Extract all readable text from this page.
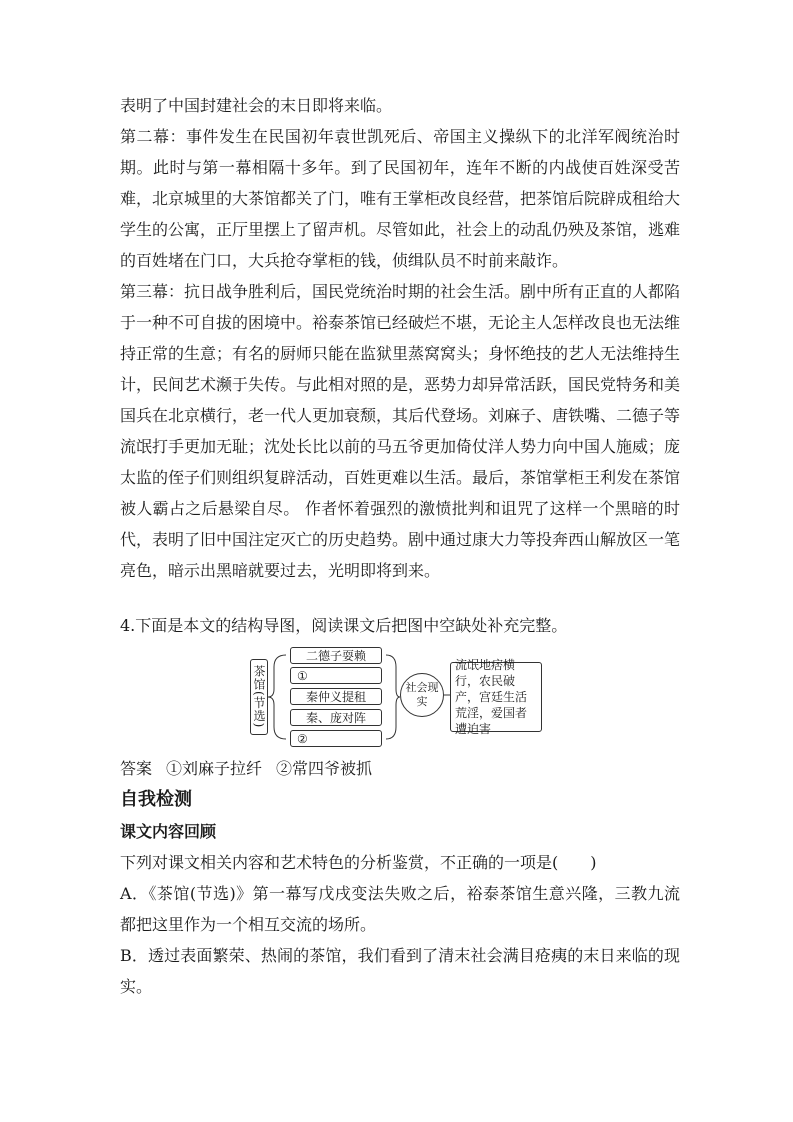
表明了中国封建社会的末日即将来临。

第二幕：事件发生在民国初年袁世凯死后、帝国主义操纵下的北洋军阀统治时期。此时与第一幕相隔十多年。到了民国初年，连年不断的内战使百姓深受苦难，北京城里的大茶馆都关了门，唯有王掌柜改良经营，把茶馆后院辟成租给大学生的公寓，正厅里摆上了留声机。尽管如此，社会上的动乱仍殃及茶馆，逃难的百姓堵在门口，大兵抢夺掌柜的钱，侦缉队员不时前来敲诈。

第三幕：抗日战争胜利后，国民党统治时期的社会生活。剧中所有正直的人都陷于一种不可自拔的困境中。裕泰茶馆已经破烂不堪，无论主人怎样改良也无法维持正常的生意；有名的厨师只能在监狱里蒸窝窝头；身怀绝技的艺人无法维持生计，民间艺术濒于失传。与此相对照的是，恶势力却异常活跃，国民党特务和美国兵在北京横行，老一代人更加衰颓，其后代登场。刘麻子、唐铁嘴、二德子等流氓打手更加无耻；沈处长比以前的马五爷更加倚仗洋人势力向中国人施威；庞太监的侄子们则组织复辟活动，百姓更难以生活。最后，茶馆掌柜王利发在茶馆被人霸占之后悬梁自尽。 作者怀着强烈的激愤批判和诅咒了这样一个黑暗的时代，表明了旧中国注定灭亡的历史趋势。剧中通过康大力等投奔西山解放区一笔亮色，暗示出黑暗就要过去，光明即将到来。

4.下面是本文的结构导图，阅读课文后把图中空缺处补充完整。

茶馆(节选)
二德子耍赖
①
秦仲义提租
秦、庞对阵
②
社会现实
流氓地痞横行，农民破产，宫廷生活荒淫，爱国者遭迫害

答案 ①刘麻子拉纤 ②常四爷被抓

自我检测

课文内容回顾

下列对课文相关内容和艺术特色的分析鉴赏，不正确的一项是(　　)

A．《茶馆(节选)》第一幕写戊戌变法失败之后，裕泰茶馆生意兴隆，三教九流都把这里作为一个相互交流的场所。

B．透过表面繁荣、热闹的茶馆，我们看到了清末社会满目疮痍的末日来临的现实。
